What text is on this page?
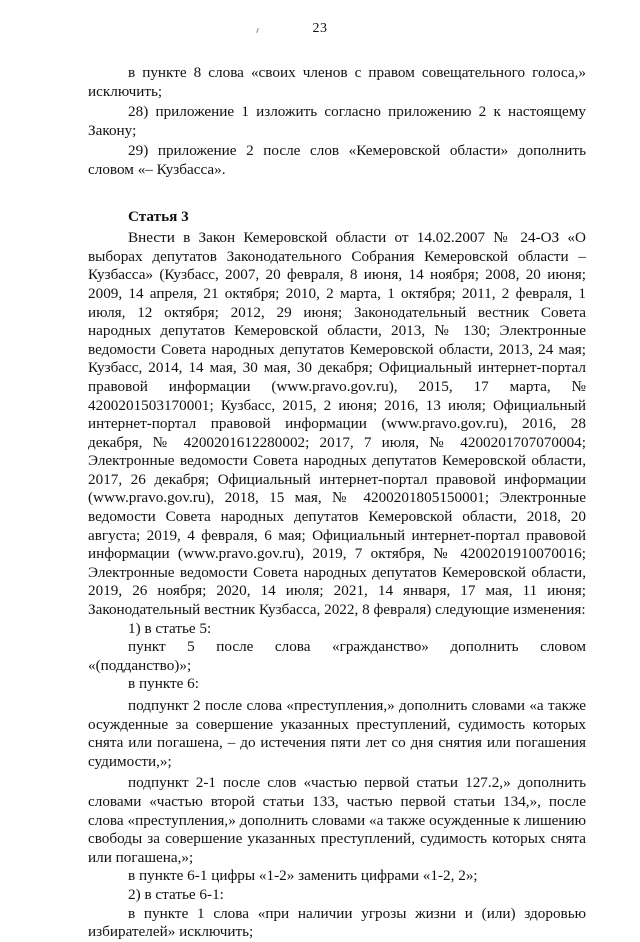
23

в пункте 8 слова «своих членов с правом совещательного голоса,» исключить;

28) приложение 1 изложить согласно приложению 2 к настоящему Закону;

29) приложение 2 после слов «Кемеровской области» дополнить словом «– Кузбасса».

Статья 3

Внести в Закон Кемеровской области от 14.02.2007 № 24-ОЗ «О выборах депутатов Законодательного Собрания Кемеровской области – Кузбасса» (Кузбасс, 2007, 20 февраля, 8 июня, 14 ноября; 2008, 20 июня; 2009, 14 апреля, 21 октября; 2010, 2 марта, 1 октября; 2011, 2 февраля, 1 июля, 12 октября; 2012, 29 июня; Законодательный вестник Совета народных депутатов Кемеровской области, 2013, № 130; Электронные ведомости Совета народных депутатов Кемеровской области, 2013, 24 мая; Кузбасс, 2014, 14 мая, 30 мая, 30 декабря; Официальный интернет-портал правовой информации (www.pravo.gov.ru), 2015, 17 марта, № 4200201503170001; Кузбасс, 2015, 2 июня; 2016, 13 июля; Официальный интернет-портал правовой информации (www.pravo.gov.ru), 2016, 28 декабря, № 4200201612280002; 2017, 7 июля, № 4200201707070004; Электронные ведомости Совета народных депутатов Кемеровской области, 2017, 26 декабря; Официальный интернет-портал правовой информации (www.pravo.gov.ru), 2018, 15 мая, № 4200201805150001; Электронные ведомости Совета народных депутатов Кемеровской области, 2018, 20 августа; 2019, 4 февраля, 6 мая; Официальный интернет-портал правовой информации (www.pravo.gov.ru), 2019, 7 октября, № 4200201910070016; Электронные ведомости Совета народных депутатов Кемеровской области, 2019, 26 ноября; 2020, 14 июля; 2021, 14 января, 17 мая, 11 июня; Законодательный вестник Кузбасса, 2022, 8 февраля) следующие изменения:

1) в статье 5:

пункт 5 после слова «гражданство» дополнить словом «(подданство)»;

в пункте 6:

подпункт 2 после слова «преступления,» дополнить словами «а также осужденные за совершение указанных преступлений, судимость которых снята или погашена, – до истечения пяти лет со дня снятия или погашения судимости,»;

подпункт 2-1 после слов «частью первой статьи 127.2,» дополнить словами «частью второй статьи 133, частью первой статьи 134,», после слова «преступления,» дополнить словами «а также осужденные к лишению свободы за совершение указанных преступлений, судимость которых снята или погашена,»;

в пункте 6-1 цифры «1-2» заменить цифрами «1-2, 2»;

2) в статье 6-1:

в пункте 1 слова «при наличии угрозы жизни и (или) здоровью избирателей» исключить;
